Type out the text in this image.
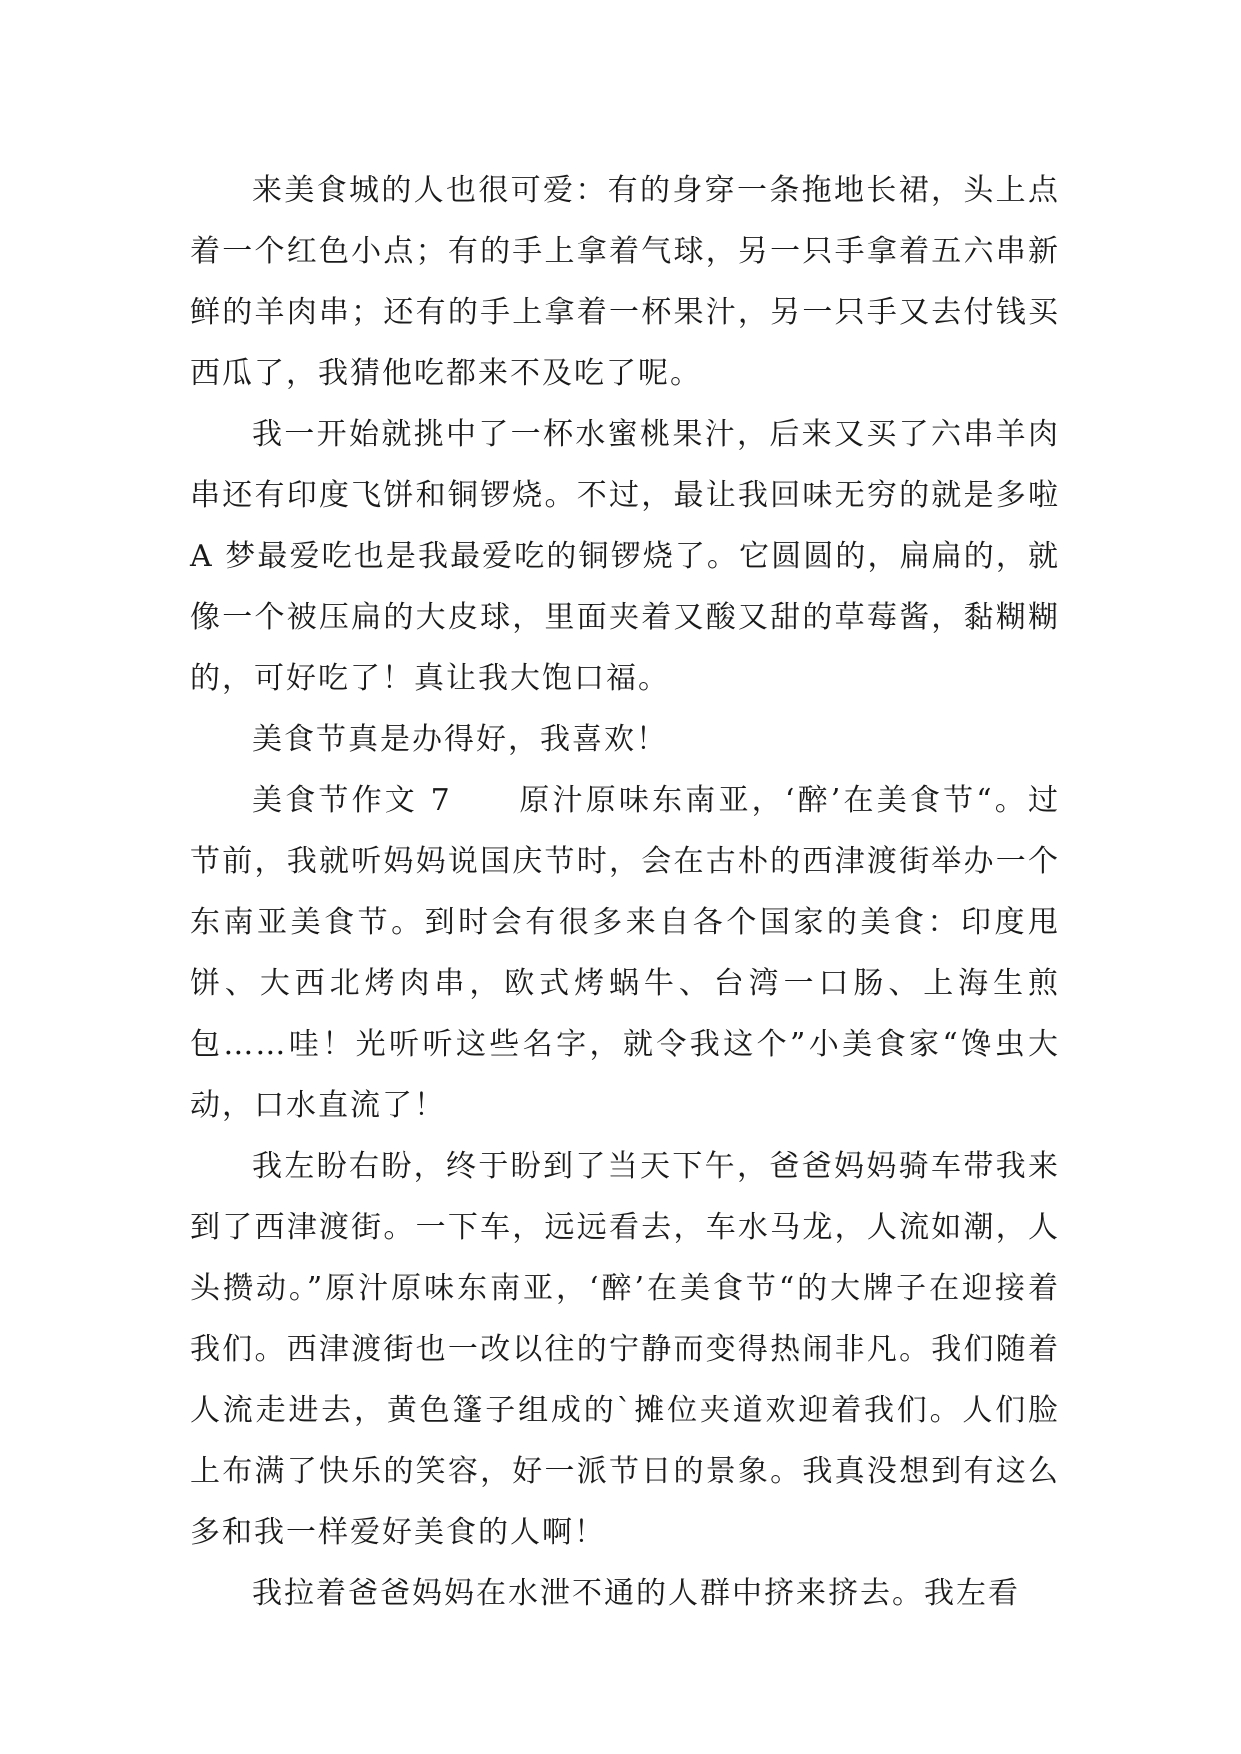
来美食城的人也很可爱：有的身穿一条拖地长裙，头上点着一个红色小点；有的手上拿着气球，另一只手拿着五六串新鲜的羊肉串；还有的手上拿着一杯果汁，另一只手又去付钱买西瓜了，我猜他吃都来不及吃了呢。

我一开始就挑中了一杯水蜜桃果汁，后来又买了六串羊肉串还有印度飞饼和铜锣烧。不过，最让我回味无穷的就是多啦 A 梦最爱吃也是我最爱吃的铜锣烧了。它圆圆的，扁扁的，就像一个被压扁的大皮球，里面夹着又酸又甜的草莓酱，黏糊糊的，可好吃了！真让我大饱口福。

美食节真是办得好，我喜欢！

美食节作文 7　　原汁原味东南亚，‘醉’在美食节“。过节前，我就听妈妈说国庆节时，会在古朴的西津渡街举办一个东南亚美食节。到时会有很多来自各个国家的美食：印度甩饼、大西北烤肉串，欧式烤蜗牛、台湾一口肠、上海生煎包……哇！光听听这些名字，就令我这个”小美食家“馋虫大动，口水直流了！

我左盼右盼，终于盼到了当天下午，爸爸妈妈骑车带我来到了西津渡街。一下车，远远看去，车水马龙，人流如潮，人头攒动。”原汁原味东南亚，‘醉’在美食节“的大牌子在迎接着我们。西津渡街也一改以往的宁静而变得热闹非凡。我们随着人流走进去，黄色篷子组成的`摊位夹道欢迎着我们。人们脸上布满了快乐的笑容，好一派节日的景象。我真没想到有这么多和我一样爱好美食的人啊！

我拉着爸爸妈妈在水泄不通的人群中挤来挤去。我左看
